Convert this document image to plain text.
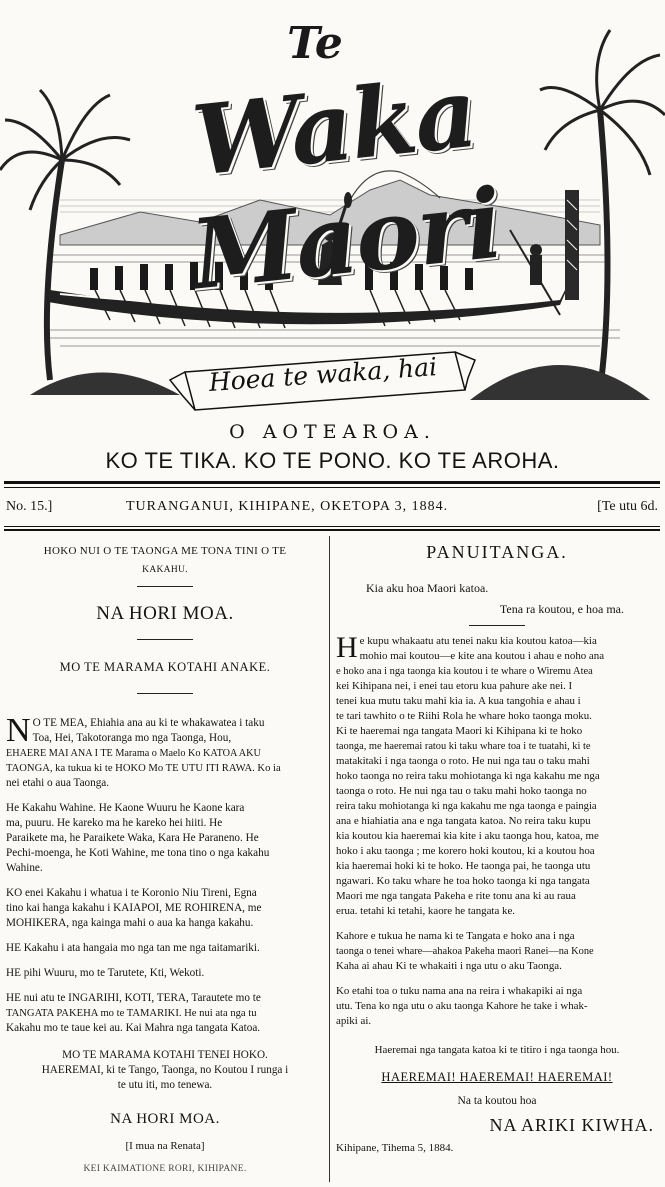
Te
Waka Maori
Hoea te waka, hai
O AOTEAROA.
KO TE TIKA. KO TE PONO. KO TE AROHA.
No. 15.]	TURANGANUI, KIHIPANE, OKETOPA 3, 1884.	[Te utu 6d.
HOKO NUI O TE TAONGA ME TONA TINI O TE
KAKAHU.
NA HORI MOA.
MO TE MARAMA KOTAHI ANAKE.
N O TE MEA, Ehiahia ana au ki te whakawatea i taku
Toa, Hei, Takotoranga mo nga Taonga, Hou,
EHAERE MAI ANA I TE Marama o Maelo Ko KATOA AKU
TAONGA, ka tukua ki te HOKO Mo TE UTU ITI RAWA. Ko ia
nei etahi o aua Taonga.
He Kakahu Wahine. He Kaone Wuuru he Kaone kara
ma, puuru. He kareko ma he kareko hei hiiti. He
Paraikete ma, he Paraikete Waka, Kara He Paraneno. He
Pechi-moenga, he Koti Wahine, me tona tino o nga kakahu
Wahine.
KO enei Kakahu i whatua i te Koronio Niu Tireni, Egna
tino kai hanga kakahu i KAIAPOI, ME ROHIRENA, me
MOHIKERA, nga kainga mahi o aua ka hanga kakahu.
HE Kakahu i ata hangaia mo nga tan me nga taitamariki.
HE pihi Wuuru, mo te Tarutete, Kti, Wekoti.
HE nui atu te INGARIHI, KOTI, TERA, Tarautete mo te
TANGATA PAKEHA mo te TAMARIKI. He nui ata nga tu
Kakahu mo te taue kei au. Kai Mahra nga tangata Katoa.
MO TE MARAMA KOTAHI TENEI HOKO.
HAEREMAI, ki te Tango, Taonga, no Koutou I runga i
te utu iti, mo tenewa.
NA HORI MOA.
[I mua na Renata]
KEI KAIMATIONE RORI, KIHIPANE.
PANUITANGA.
Kia aku hoa Maori katoa.
Tena ra koutou, e hoa ma.
H e kupu whakaatu atu tenei naku kia koutou katoa—kia
mohio mai koutou—e kite ana koutou i ahau e noho ana
e hoko ana i nga taonga kia koutou i te whare o Wiremu Atea
kei Kihipana nei, i enei tau etoru kua pahure ake nei. I
tenei kua mutu taku mahi kia ia. A kua tangohia e ahau i
te tari tawhito o te Riihi Rola he whare hoko taonga moku.
Ki te haeremai nga tangata Maori ki Kihipana ki te hoko
taonga, me haeremai ratou ki taku whare toa i te tuatahi, ki te
matakitaki i nga taonga o roto. He nui nga tau o taku mahi
hoko taonga no reira taku mohiotanga ki nga kakahu me nga
taonga o roto. He nui nga tau o taku mahi hoko taonga no
reira taku mohiotanga ki nga kakahu me nga taonga e paingia
ana e hiahiatia ana e nga tangata katoa. No reira taku kupu
kia koutou kia haeremai kia kite i aku taonga hou, katoa, me
hoko i aku taonga ; me korero hoki koutou, ki a koutou hoa
kia haeremai hoki ki te hoko. He taonga pai, he taonga utu
ngawari. Ko taku whare he toa hoko taonga ki nga tangata
Maori me nga tangata Pakeha e rite tonu ana ki au raua
erua. tetahi ki tetahi, kaore he tangata ke.
Kahore e tukua he nama ki te Tangata e hoko ana i nga
taonga o tenei whare—ahakoa Pakeha maori Ranei—na Kone
Kaha ai ahau Ki te whakaiti i nga utu o aku Taonga.
Ko etahi toa o tuku nama ana na reira i whakapiki ai nga
utu. Tena ko nga utu o aku taonga Kahore he take i whak-
apiki ai.
Haeremai nga tangata katoa ki te titiro i nga taonga hou.
HAEREMAI! HAEREMAI! HAEREMAI!
Na ta koutou hoa
NA ARIKI KIWHA.
Kihipane, Tihema 5, 1884.
